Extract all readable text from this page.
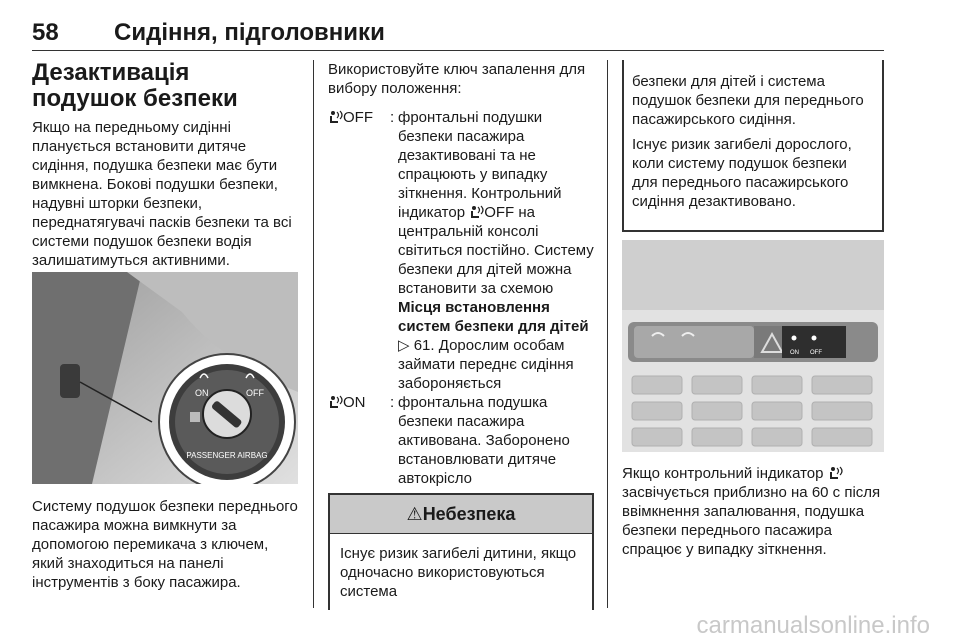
58 Сидіння, підголовники
Дезактивація подушок безпеки

Якщо на передньому сидінні планується встановити дитяче сидіння, подушка безпеки має бути вимкнена. Бокові подушки безпеки, надувні шторки безпеки, переднатягувачі пасків безпеки та всі системи подушок безпеки водія залишатимуться активними.

ON	OFF
PASSENGER AIRBAG

Систему подушок безпеки переднього пасажира можна вимкнути за допомогою перемикача з ключем, який знаходиться на панелі інструментів з боку пасажира.

Використовуйте ключ запалення для вибору положення:

OFF	: фронтальні подушки безпеки пасажира дезактивовані та не спрацюють у випадку зіткнення. Контрольний індикатор OFF на центральній консолі світиться постійно. Систему безпеки для дітей можна встановити за схемою Місця встановлення систем безпеки для дітей ▷ 61. Дорослим особам займати переднє сидіння забороняється
ON	: фронтальна подушка безпеки пасажира активована. Заборонено встановлювати дитяче автокрісло
⚠ Небезпека
Існує ризик загибелі дитини, якщо одночасно використовуються система

безпеки для дітей і система подушок безпеки для переднього пасажирського сидіння.

Існує ризик загибелі дорослого, коли систему подушок безпеки для переднього пасажирського сидіння дезактивовано.

ON OFF

Якщо контрольний індикатор  засвічується приблизно на 60 с після ввімкнення запалювання, подушка безпеки переднього пасажира спрацює у випадку зіткнення.

carmanualsonline.info
